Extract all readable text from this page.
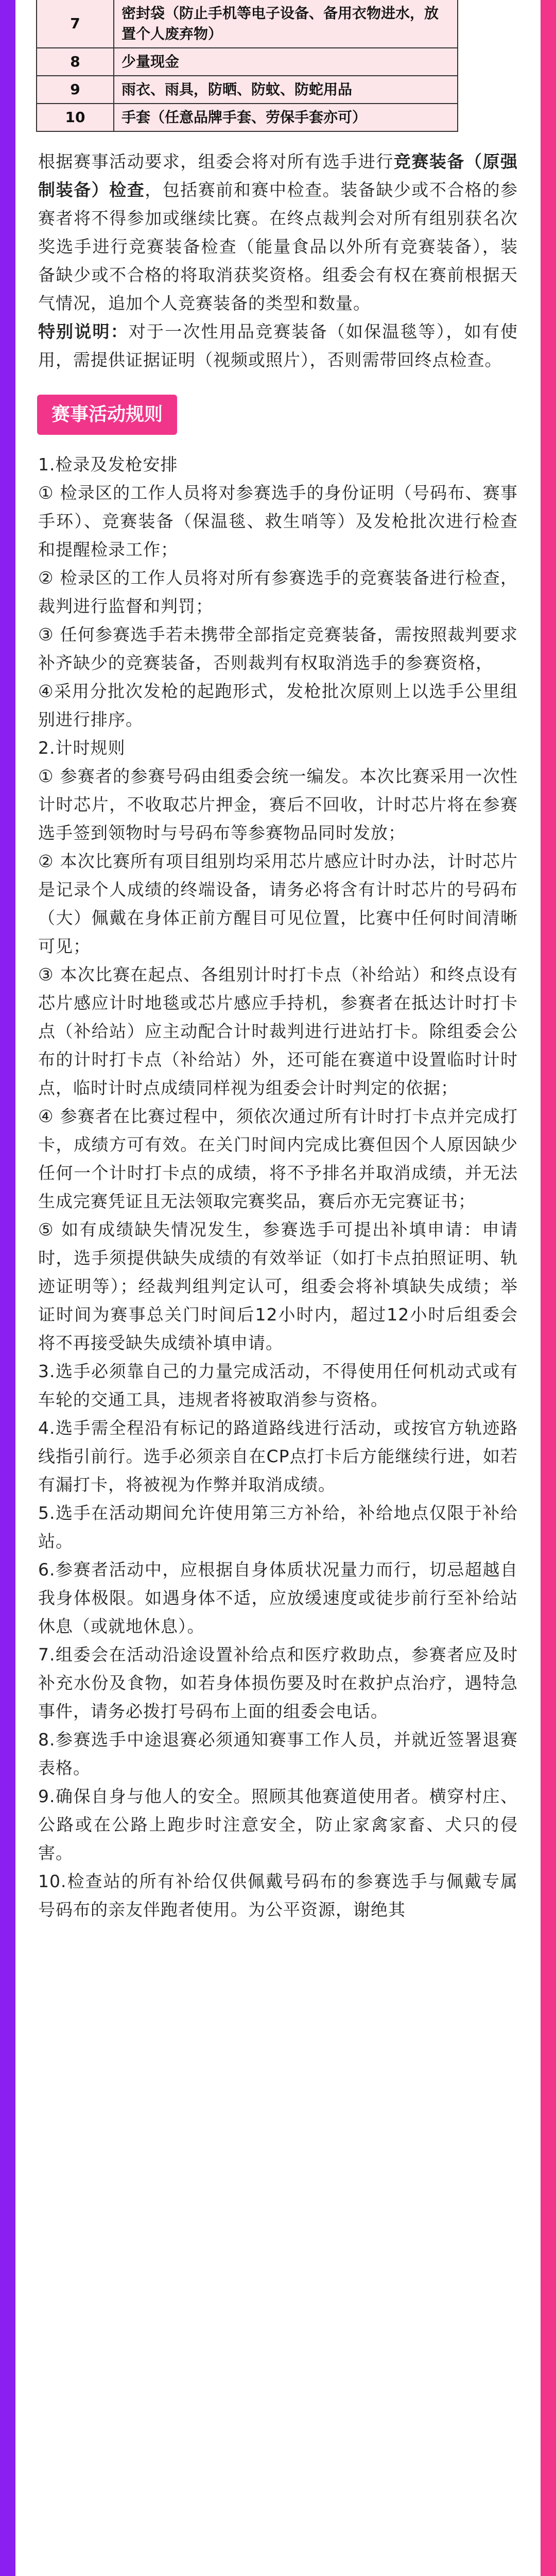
7	密封袋（防止手机等电子设备、备用衣物进水，放置个人废弃物）
8	少量现金
9	雨衣、雨具，防晒、防蚊、防蛇用品
10	手套（任意品牌手套、劳保手套亦可）

根据赛事活动要求，组委会将对所有选手进行竞赛装备（原强制装备）检查，包括赛前和赛中检查。装备缺少或不合格的参赛者将不得参加或继续比赛。在终点裁判会对所有组别获名次奖选手进行竞赛装备检查（能量食品以外所有竞赛装备），装备缺少或不合格的将取消获奖资格。组委会有权在赛前根据天气情况，追加个人竞赛装备的类型和数量。

特别说明：对于一次性用品竞赛装备（如保温毯等），如有使用，需提供证据证明（视频或照片），否则需带回终点检查。

赛事活动规则

1.检录及发枪安排

① 检录区的工作人员将对参赛选手的身份证明（号码布、赛事手环）、竞赛装备（保温毯、救生哨等）及发枪批次进行检查和提醒检录工作；

② 检录区的工作人员将对所有参赛选手的竞赛装备进行检查，裁判进行监督和判罚；

③ 任何参赛选手若未携带全部指定竞赛装备，需按照裁判要求补齐缺少的竞赛装备，否则裁判有权取消选手的参赛资格，

④采用分批次发枪的起跑形式，发枪批次原则上以选手公里组别进行排序。

2.计时规则

① 参赛者的参赛号码由组委会统一编发。本次比赛采用一次性计时芯片，不收取芯片押金，赛后不回收，计时芯片将在参赛选手签到领物时与号码布等参赛物品同时发放；

② 本次比赛所有项目组别均采用芯片感应计时办法，计时芯片是记录个人成绩的终端设备，请务必将含有计时芯片的号码布（大）佩戴在身体正前方醒目可见位置，比赛中任何时间清晰可见；

③ 本次比赛在起点、各组别计时打卡点（补给站）和终点设有芯片感应计时地毯或芯片感应手持机，参赛者在抵达计时打卡点（补给站）应主动配合计时裁判进行进站打卡。除组委会公布的计时打卡点（补给站）外，还可能在赛道中设置临时计时点，临时计时点成绩同样视为组委会计时判定的依据；

④ 参赛者在比赛过程中，须依次通过所有计时打卡点并完成打卡，成绩方可有效。在关门时间内完成比赛但因个人原因缺少任何一个计时打卡点的成绩，将不予排名并取消成绩，并无法生成完赛凭证且无法领取完赛奖品，赛后亦无完赛证书；

⑤ 如有成绩缺失情况发生，参赛选手可提出补填申请：申请时，选手须提供缺失成绩的有效举证（如打卡点拍照证明、轨迹证明等）；经裁判组判定认可，组委会将补填缺失成绩；举证时间为赛事总关门时间后12小时内，超过12小时后组委会将不再接受缺失成绩补填申请。

3.选手必须靠自己的力量完成活动，不得使用任何机动式或有车轮的交通工具，违规者将被取消参与资格。

4.选手需全程沿有标记的路道路线进行活动，或按官方轨迹路线指引前行。选手必须亲自在CP点打卡后方能继续行进，如若有漏打卡，将被视为作弊并取消成绩。

5.选手在活动期间允许使用第三方补给，补给地点仅限于补给站。

6.参赛者活动中，应根据自身体质状况量力而行，切忌超越自我身体极限。如遇身体不适，应放缓速度或徒步前行至补给站休息（或就地休息）。

7.组委会在活动沿途设置补给点和医疗救助点，参赛者应及时补充水份及食物，如若身体损伤要及时在救护点治疗，遇特急事件，请务必拨打号码布上面的组委会电话。

8.参赛选手中途退赛必须通知赛事工作人员，并就近签署退赛表格。

9.确保自身与他人的安全。照顾其他赛道使用者。横穿村庄、公路或在公路上跑步时注意安全，防止家禽家畜、犬只的侵害。

10.检查站的所有补给仅供佩戴号码布的参赛选手与佩戴专属号码布的亲友伴跑者使用。为公平资源，谢绝其
